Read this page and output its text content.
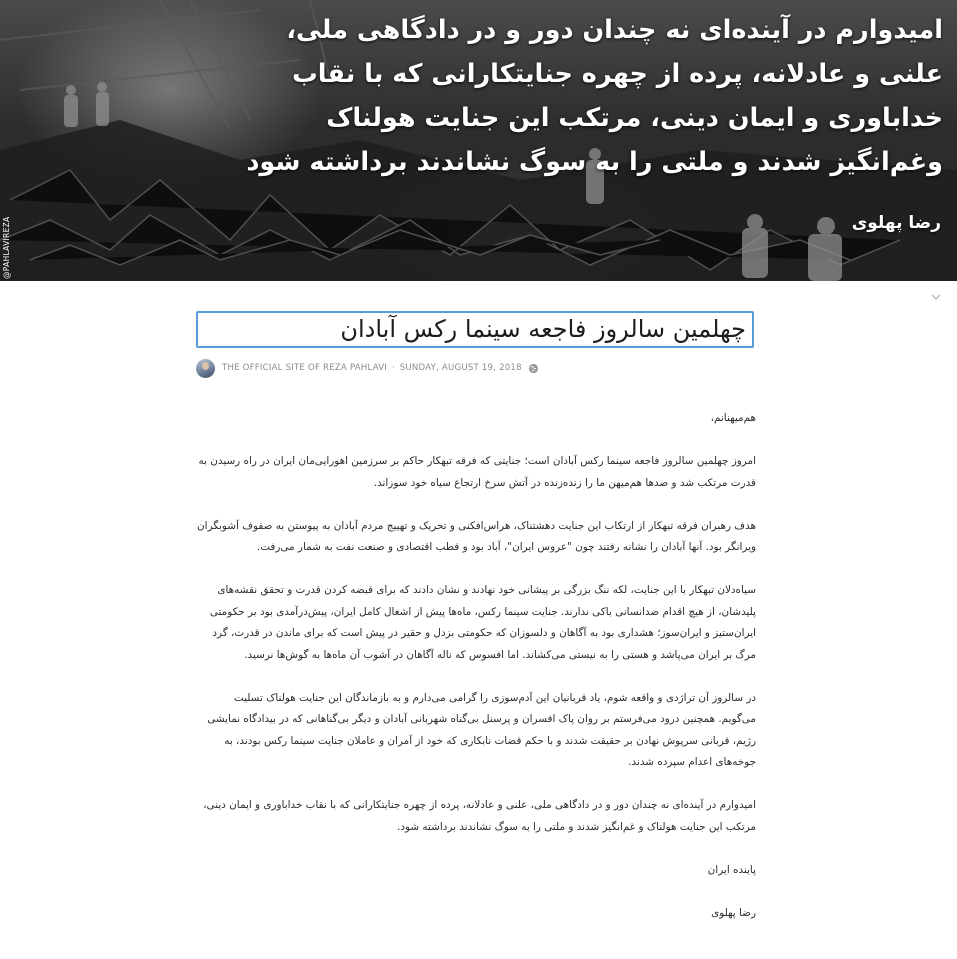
امیدوارم در آینده‌ای نه چندان دور و در دادگاهی ملی،
علنی و عادلانه، پرده از چهره جنایتکارانی که با نقاب
خداباوری و ایمان دینی، مرتکب این جنایت هولناک
وغم‌انگیز شدند و ملتی را به سوگ نشاندند برداشته شود
رضا پهلوی
@PAHLAVIREZA
چهلمین سالروز فاجعه سینما رکس آبادان
THE OFFICIAL SITE OF REZA PAHLAVI · SUNDAY, AUGUST 19, 2018

هم‌میهنانم،

امروز چهلمین سالروز فاجعه سینما رکس آبادان است؛ جنایتی که فرقه تبهکار حاکم بر سرزمین اهورایی‌مان ایران در راه رسیدن به قدرت مرتکب شد و صدها هم‌میهن ما را زنده‌زنده در آتش سرخ ارتجاع سیاه خود سوزاند.

هدف رهبران فرقه تبهکار از ارتکاب این جنایت دهشتناک، هراس‌افکنی و تحریک و تهییج مردم آبادان به پیوستن به صفوف آشوبگران ویرانگر بود. آنها آبادان را نشانه رفتند چون "عروس ایران"، آباد بود و قطب اقتصادی و صنعت نفت به شمار می‌رفت.

سیاه‌دلان تبهکار با این جنایت، لکه ننگ بزرگی بر پیشانی خود نهادند و نشان دادند که برای قبضه کردن قدرت و تحقق نقشه‌های پلیدشان، از هیچ اقدام ضدانسانی باکی ندارند. جنایت سینما رکس، ماه‌ها پیش از اشغال کامل ایران، پیش‌درآمدی بود بر حکومتی ایران‌ستیز و ایران‌سوز؛ هشداری بود به آگاهان و دلسوزان که حکومتی بزدل و حقیر در پیش است که برای ماندن در قدرت، گرد مرگ بر ایران می‌پاشد و هستی را به نیستی می‌کشاند. اما افسوس که ناله آگاهان در آشوب آن ماه‌ها به گوش‌ها نرسید.

در سالروز آن تراژدی و واقعه شوم، یاد قربانیان این آدم‌سوزی را گرامی می‌دارم و به بازماندگان این جنایت هولناک تسلیت می‌گویم. همچنین درود می‌فرستم بر روان پاک افسران و پرسنل بی‌گناه شهربانی آبادان و دیگر بی‌گناهانی که در بیدادگاه نمایشی رژیم، قربانی سرپوش نهادن بر حقیقت شدند و با حکم قضات نابکاری که خود از آمران و عاملان جنایت سینما رکس بودند، به جوخه‌های اعدام سپرده شدند.

امیدوارم در آینده‌ای نه چندان دور و در دادگاهی ملی، علنی و عادلانه، پرده از چهره جنایتکارانی که با نقاب خداباوری و ایمان دینی، مرتکب این جنایت هولناک و غم‌انگیز شدند و ملتی را به سوگ نشاندند برداشته شود.

پاینده ایران

رضا پهلوی
